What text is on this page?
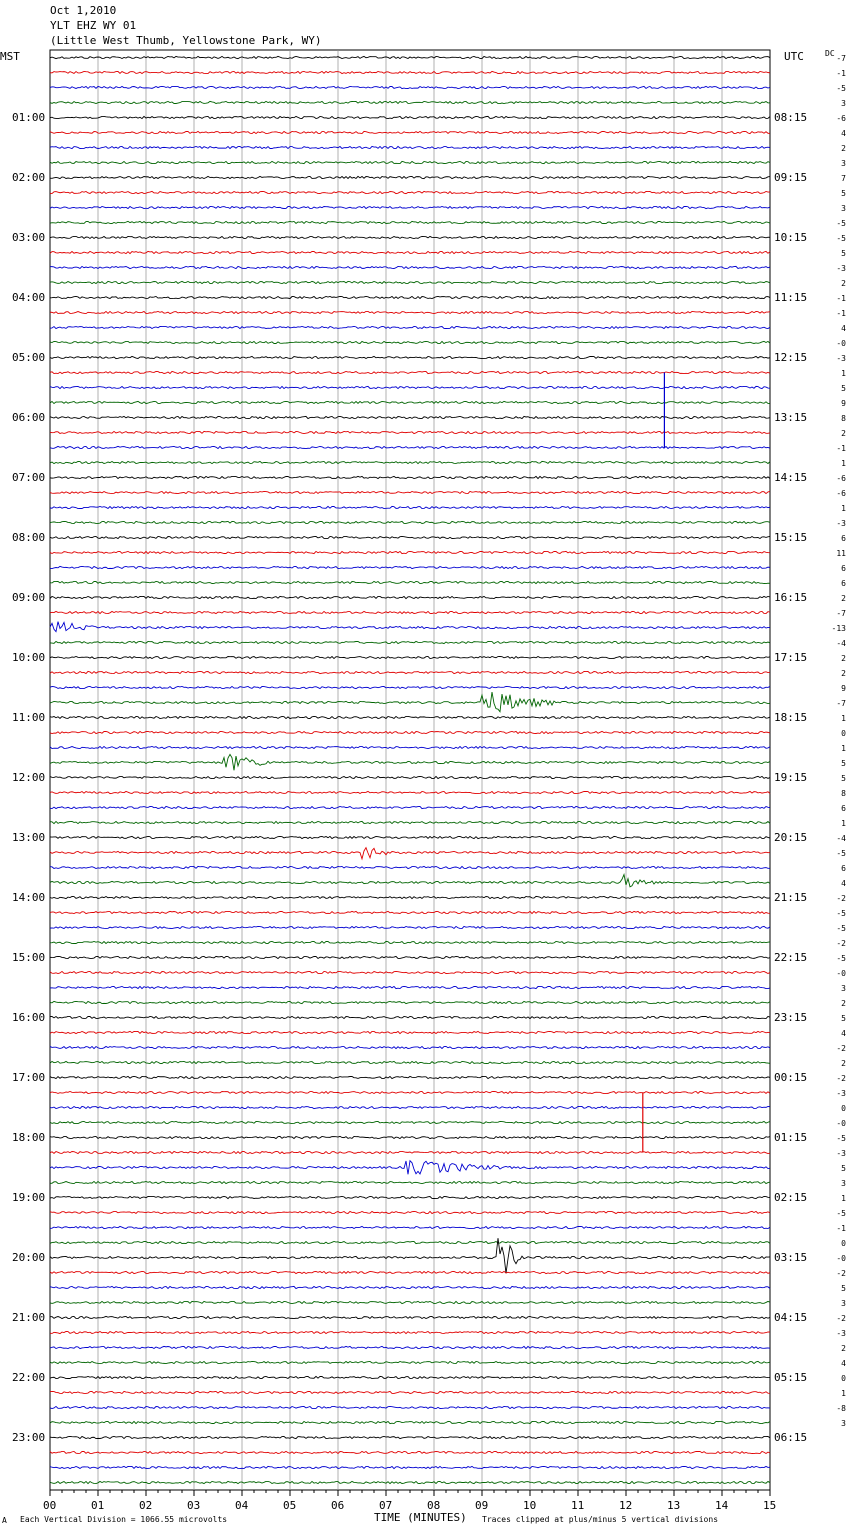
Oct 1,2010
YLT EHZ WY 01
(Little West Thumb, Yellowstone Park, WY)
MST	UTC	DC
01:00
02:00
03:00
04:00
05:00
06:00
07:00
08:00
09:00
10:00
11:00
12:00
13:00
14:00
15:00
16:00
17:00
18:00
19:00
20:00
21:00
22:00
23:00
08:15
09:15
10:15
11:15
12:15
13:15
14:15
15:15
16:15
17:15
18:15
19:15
20:15
21:15
22:15
23:15
00:15
01:15
02:15
03:15
04:15
05:15
06:15
-7
-1
-5
3
-6
4
2
3
7
5
3
-5
-5
5
-3
2
-1
-1
4
-0
-3
1
5
9
8
2
-1
1
-6
-6
1
-3
6
11
6
6
2
-7
-13
-4
2
2
9
-7
1
0
1
5
5
8
6
1
-4
-5
6
4
-2
-5
-5
-2
-5
-0
3
2
5
4
-2
2
-2
-3
0
-0
-5
-3
5
3
1
-5
-1
0
-0
-2
5
3
-2
-3
2
4
0
1
-8
3
00	01	02	03	04	05	06	07	08	09	10	11	12	13	14	15
A Each Vertical Division = 1066.55 microvolts	TIME (MINUTES) Traces clipped at plus/minus 5 vertical divisions
